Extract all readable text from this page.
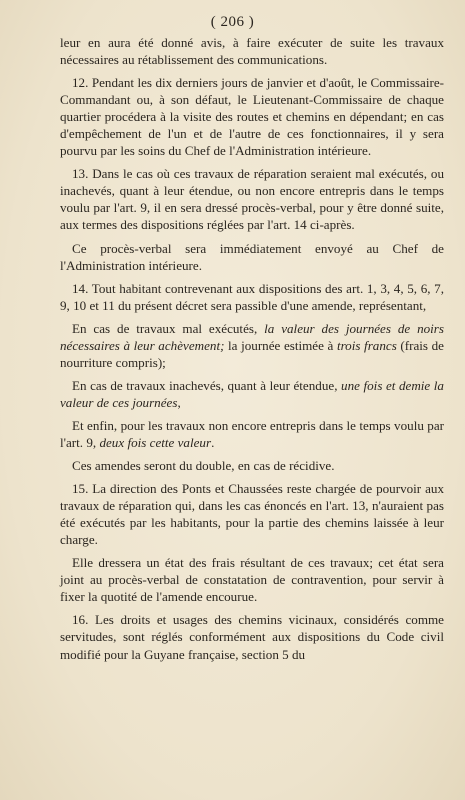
( 206 )

leur en aura été donné avis, à faire exécuter de suite les travaux nécessaires au rétablissement des communications.

12. Pendant les dix derniers jours de janvier et d'août, le Commissaire-Commandant ou, à son défaut, le Lieutenant-Commissaire de chaque quartier procédera à la visite des routes et chemins en dépendant; en cas d'empêchement de l'un et de l'autre de ces fonctionnaires, il y sera pourvu par les soins du Chef de l'Administration intérieure.

13. Dans le cas où ces travaux de réparation seraient mal exécutés, ou inachevés, quant à leur étendue, ou non encore entrepris dans le temps voulu par l'art. 9, il en sera dressé procès-verbal, pour y être donné suite, aux termes des dispositions réglées par l'art. 14 ci-après.

Ce procès-verbal sera immédiatement envoyé au Chef de l'Administration intérieure.

14. Tout habitant contrevenant aux dispositions des art. 1, 3, 4, 5, 6, 7, 9, 10 et 11 du présent décret sera passible d'une amende, représentant,

En cas de travaux mal exécutés, la valeur des journées de noirs nécessaires à leur achèvement; la journée estimée à trois francs (frais de nourriture compris);

En cas de travaux inachevés, quant à leur étendue, une fois et demie la valeur de ces journées,

Et enfin, pour les travaux non encore entrepris dans le temps voulu par l'art. 9, deux fois cette valeur.

Ces amendes seront du double, en cas de récidive.

15. La direction des Ponts et Chaussées reste chargée de pourvoir aux travaux de réparation qui, dans les cas énoncés en l'art. 13, n'auraient pas été exécutés par les habitants, pour la partie des chemins laissée à leur charge.

Elle dressera un état des frais résultant de ces travaux; cet état sera joint au procès-verbal de constatation de contravention, pour servir à fixer la quotité de l'amende encourue.

16. Les droits et usages des chemins vicinaux, considérés comme servitudes, sont réglés conformément aux dispositions du Code civil modifié pour la Guyane française, section 5 du
